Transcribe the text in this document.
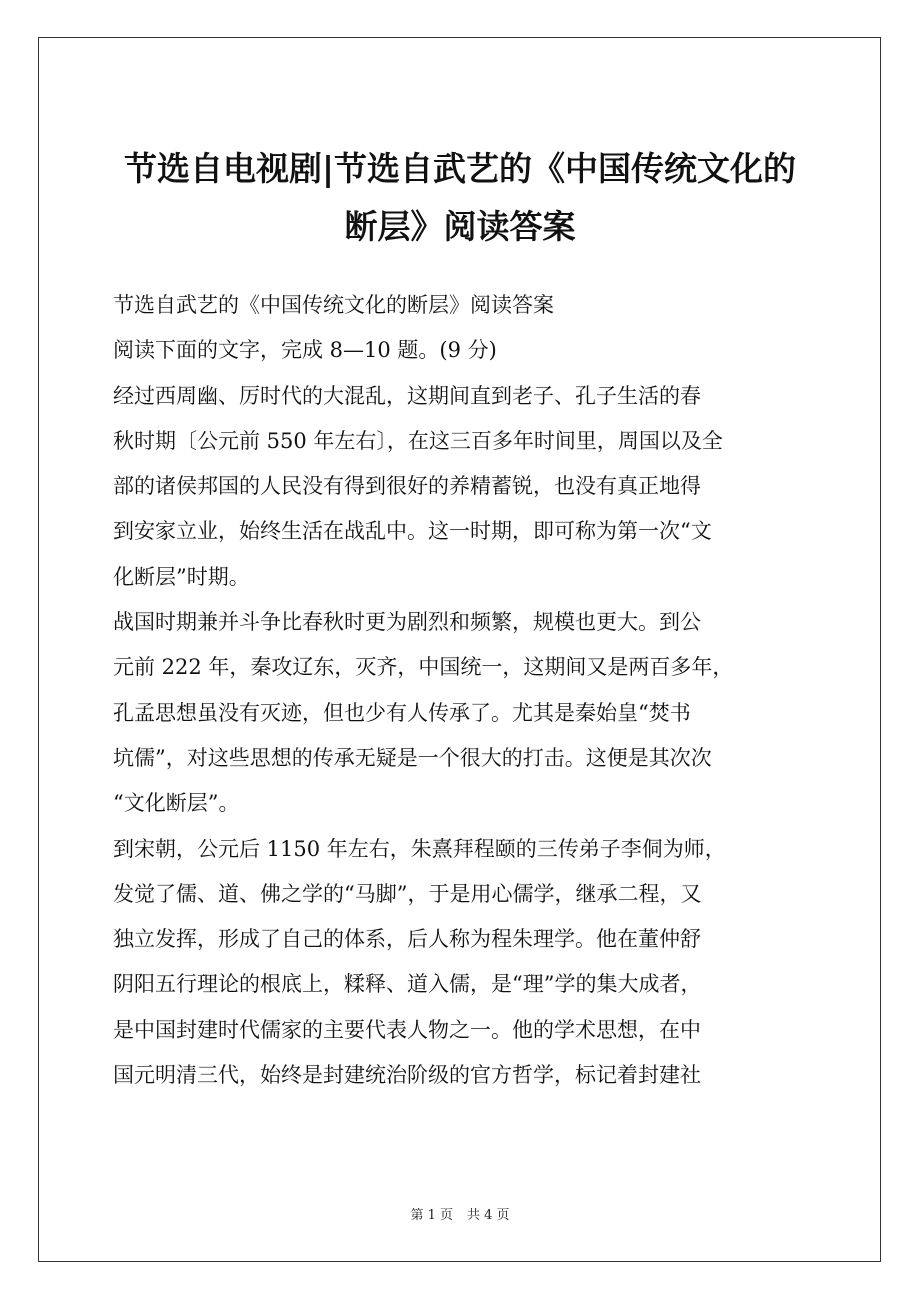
节选自电视剧|节选自武艺的《中国传统文化的
断层》阅读答案
节选自武艺的《中国传统文化的断层》阅读答案
阅读下面的文字，完成 8—10 题。(9 分)
经过西周幽、厉时代的大混乱，这期间直到老子、孔子生活的春
秋时期〔公元前 550 年左右〕，在这三百多年时间里，周国以及全
部的诸侯邦国的人民没有得到很好的养精蓄锐，也没有真正地得
到安家立业，始终生活在战乱中。这一时期，即可称为第一次“文
化断层”时期。
战国时期兼并斗争比春秋时更为剧烈和频繁，规模也更大。到公
元前 222 年，秦攻辽东，灭齐，中国统一，这期间又是两百多年，
孔孟思想虽没有灭迹，但也少有人传承了。尤其是秦始皇“焚书
坑儒”，对这些思想的传承无疑是一个很大的打击。这便是其次次
“文化断层”。
到宋朝，公元后 1150 年左右，朱熹拜程颐的三传弟子李侗为师，
发觉了儒、道、佛之学的“马脚”，于是用心儒学，继承二程，又
独立发挥，形成了自己的体系，后人称为程朱理学。他在董仲舒
阴阳五行理论的根底上，糅释、道入儒，是“理”学的集大成者，
是中国封建时代儒家的主要代表人物之一。他的学术思想，在中
国元明清三代，始终是封建统治阶级的官方哲学，标记着封建社
第 1 页 共 4 页
